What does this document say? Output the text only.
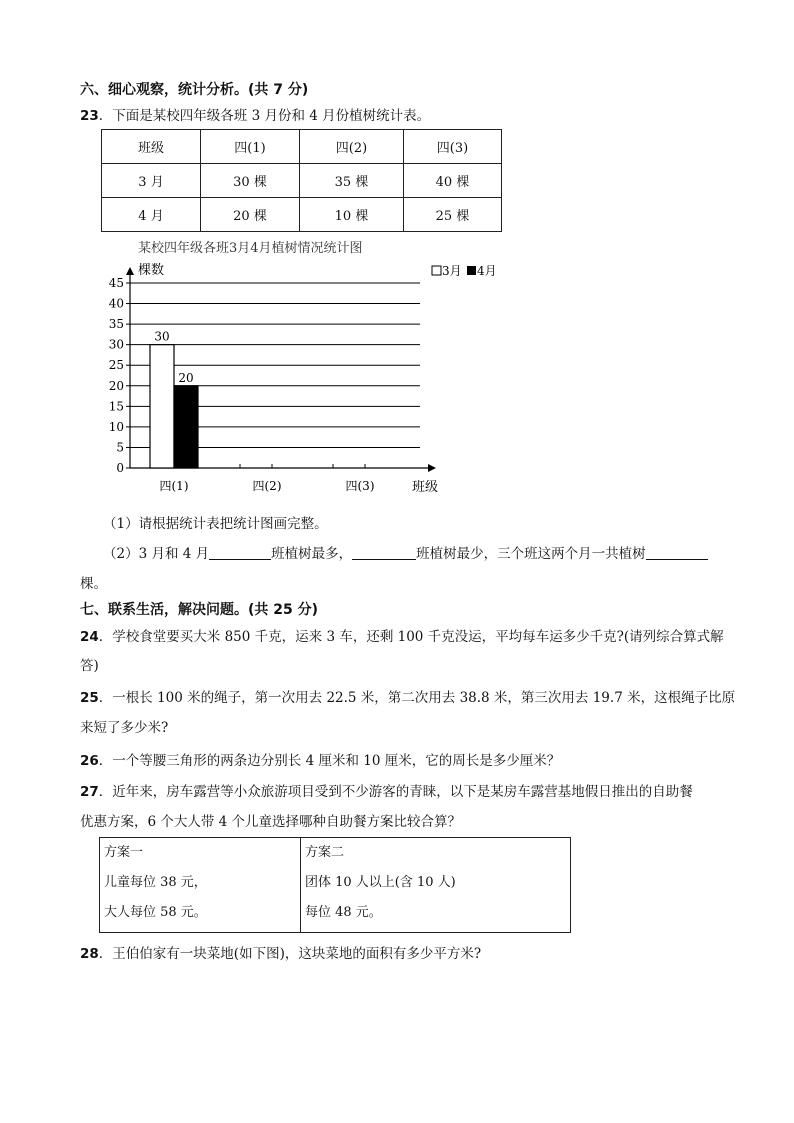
六、细心观察，统计分析。(共 7 分)
23．下面是某校四年级各班 3 月份和 4 月份植树统计表。
班级	四(1)	四(2)	四(3)
3 月	30 棵	35 棵	40 棵
4 月	20 棵	10 棵	25 棵
某校四年级各班3月4月植树情况统计图
3月 4月
棵数
班级
0
5
10
15
20
25
30
35
40
45
30
20
四(1)	四(2)	四(3)
（1）请根据统计表把统计图画完整。
（2）3 月和 4 月	班植树最多，	班植树最少，三个班这两个月一共植树
棵。
七、联系生活，解决问题。(共 25 分)
24．学校食堂要买大米 850 千克，运来 3 车，还剩 100 千克没运，平均每车运多少千克?(请列综合算式解
答)
25．一根长 100 米的绳子，第一次用去 22.5 米，第二次用去 38.8 米，第三次用去 19.7 米，这根绳子比原
来短了多少米?
26．一个等腰三角形的两条边分别长 4 厘米和 10 厘米，它的周长是多少厘米？
27．近年来，房车露营等小众旅游项目受到不少游客的青睐，以下是某房车露营基地假日推出的自助餐
优惠方案，6 个大人带 4 个儿童选择哪种自助餐方案比较合算？
方案一
儿童每位 38 元，
大人每位 58 元。

方案二
团体 10 人以上(含 10 人)
每位 48 元。
28．王伯伯家有一块菜地(如下图)，这块菜地的面积有多少平方米?
